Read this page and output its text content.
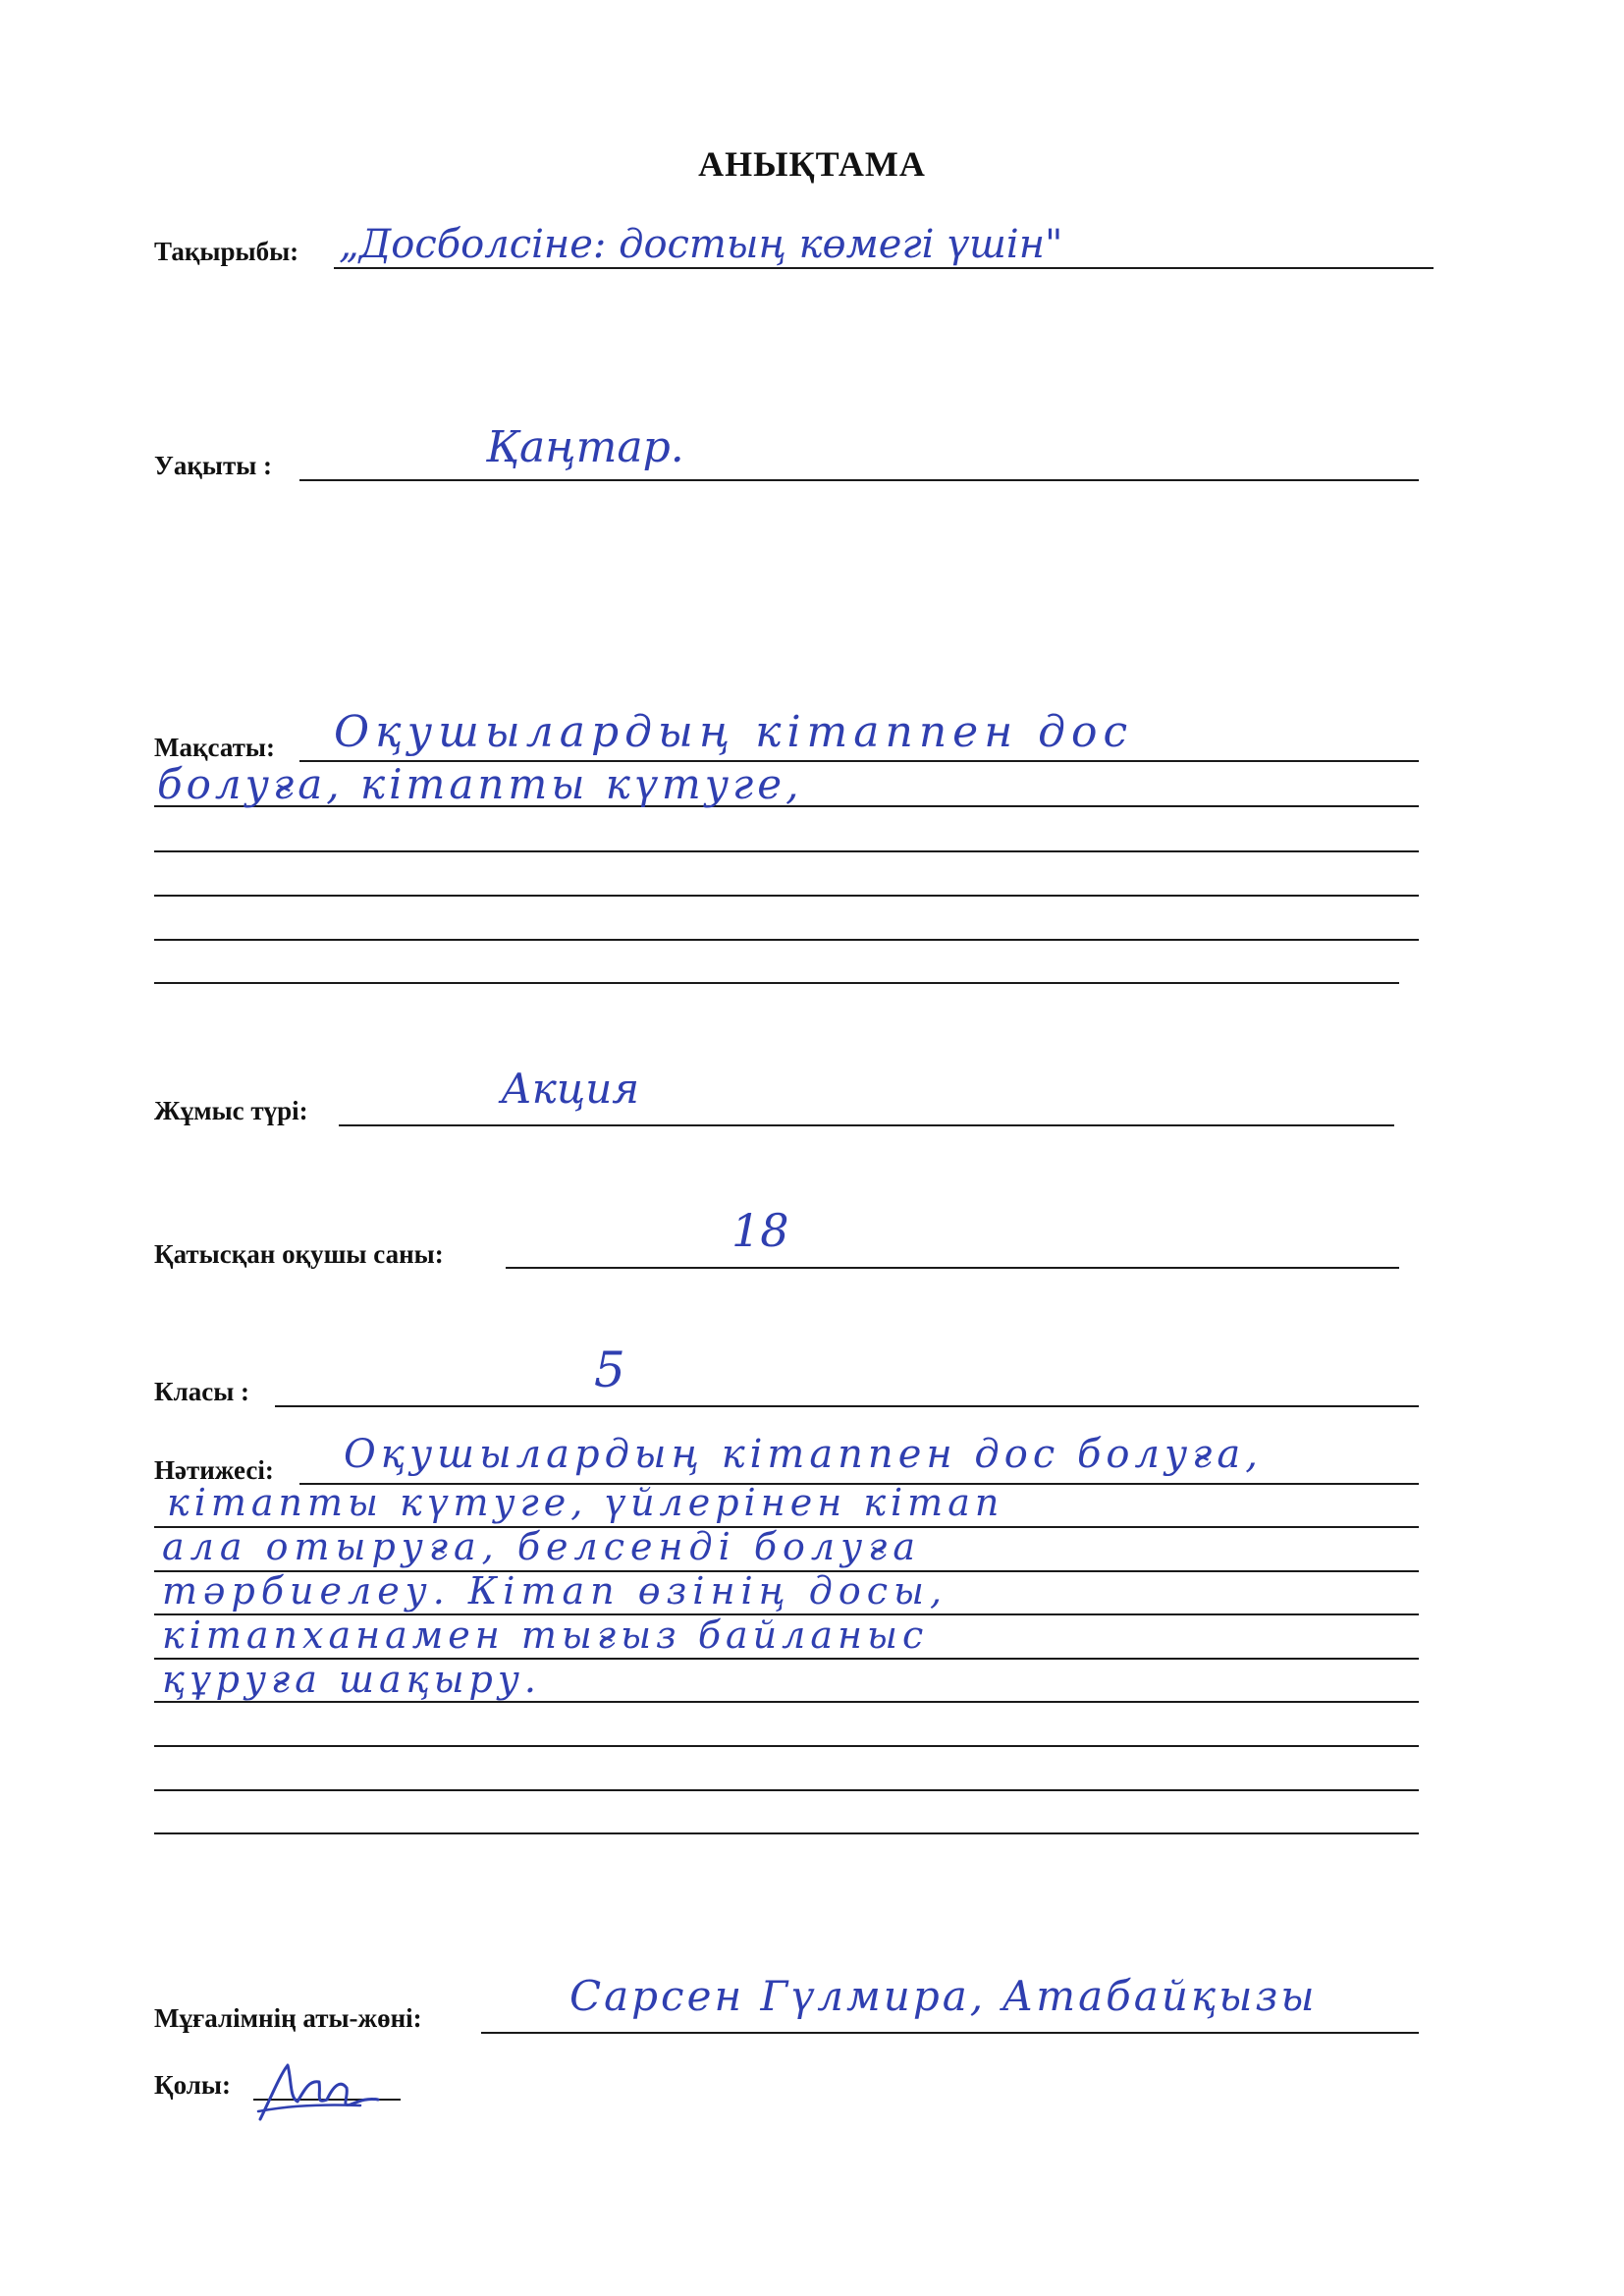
АНЫҚТАМА
Тақырыбы: „Досболсіне: достың көмегі үшін"
Уақыты :	Қаңтар.
Мақсаты: Оқушылардың кітаппен дос
болуға, кітапты күтуге,
Жұмыс түрі:	Акция
Қатысқан оқушы саны:	18
Класы :	5
Нәтижесі: Оқушылардың кітаппен дос болуға,
кітапты күтуге, үйлерінен кітап
ала отыруға, белсенді болуға
тәрбиелеу. Кітап өзінің досы,
кітапханамен тығыз байланыс
құруға шақыру.
Мұғалімнің аты-жөні:	Сарсен Гүлмира, Атабайқызы
Қолы:
